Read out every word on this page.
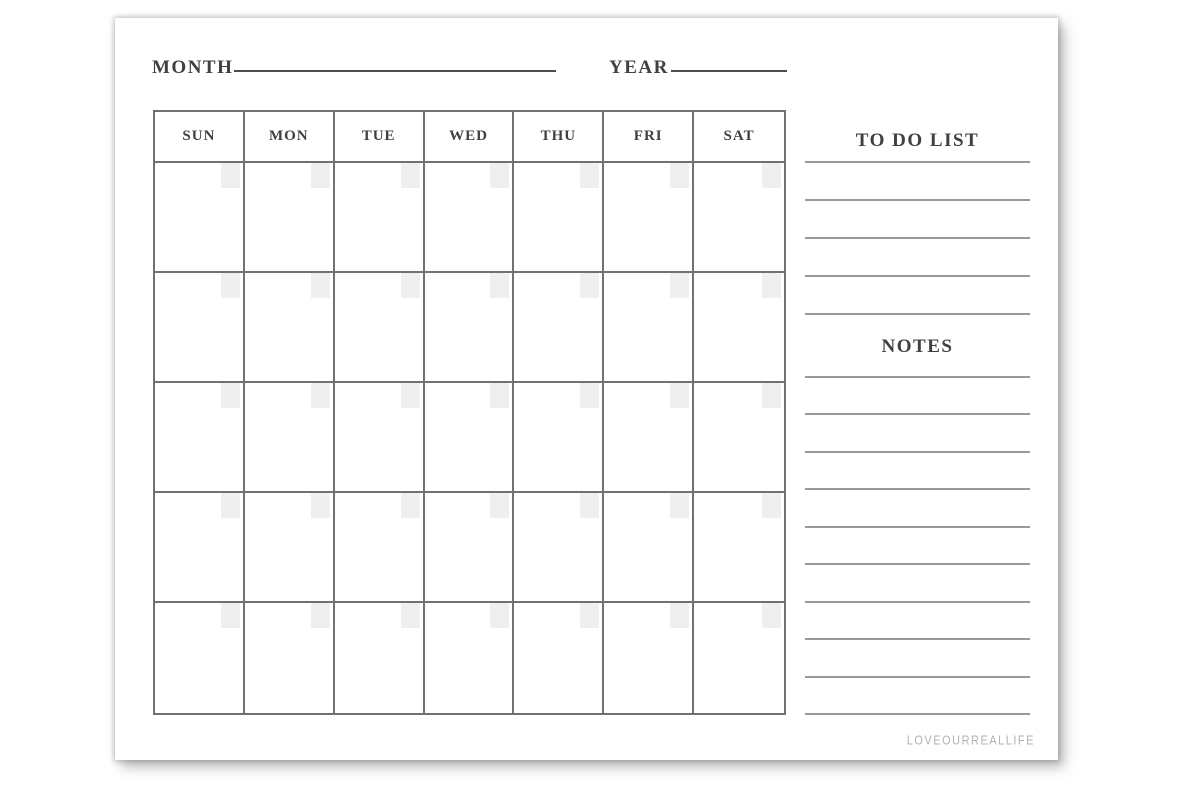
MONTH	YEAR
SUN	MON	TUE	WED	THU	FRI	SAT	TO DO LIST
NOTES
LOVEOURREALLIFE
